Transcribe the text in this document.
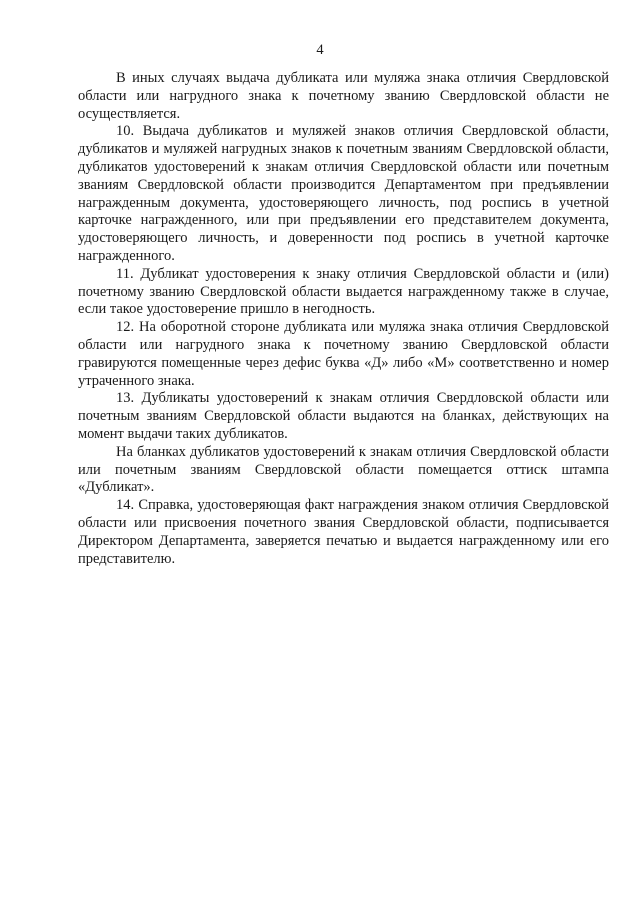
4

В иных случаях выдача дубликата или муляжа знака отличия Свердловской области или нагрудного знака к почетному званию Свердловской области не осуществляется.

10. Выдача дубликатов и муляжей знаков отличия Свердловской области, дубликатов и муляжей нагрудных знаков к почетным званиям Свердловской области, дубликатов удостоверений к знакам отличия Свердловской области или почетным званиям Свердловской области производится Департаментом при предъявлении награжденным документа, удостоверяющего личность, под роспись в учетной карточке награжденного, или при предъявлении его представителем документа, удостоверяющего личность, и доверенности под роспись в учетной карточке награжденного.

11. Дубликат удостоверения к знаку отличия Свердловской области и (или) почетному званию Свердловской области выдается награжденному также в случае, если такое удостоверение пришло в негодность.

12. На оборотной стороне дубликата или муляжа знака отличия Свердловской области или нагрудного знака к почетному званию Свердловской области гравируются помещенные через дефис буква «Д» либо «М» соответственно и номер утраченного знака.

13. Дубликаты удостоверений к знакам отличия Свердловской области или почетным званиям Свердловской области выдаются на бланках, действующих на момент выдачи таких дубликатов.

На бланках дубликатов удостоверений к знакам отличия Свердловской области или почетным званиям Свердловской области помещается оттиск штампа «Дубликат».

14. Справка, удостоверяющая факт награждения знаком отличия Свердловской области или присвоения почетного звания Свердловской области, подписывается Директором Департамента, заверяется печатью и выдается награжденному или его представителю.
